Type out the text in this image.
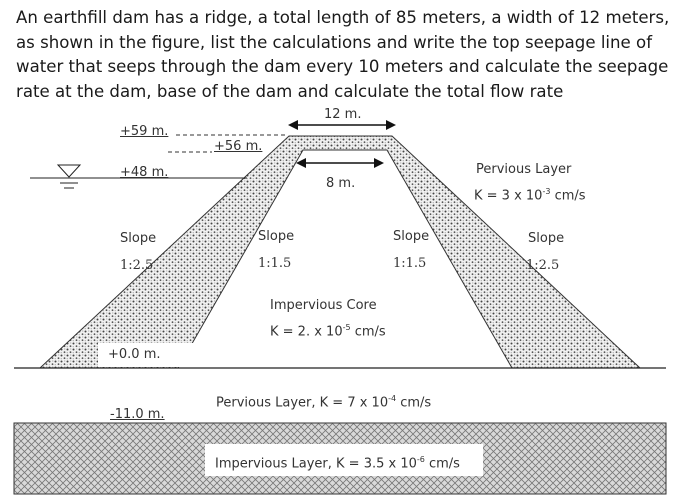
An earthfill dam has a ridge, a total length of 85 meters, a width of 12 meters, as shown in the figure, list the calculations and write the top seepage line of water that seeps through the dam every 10 meters and calculate the seepage rate at the dam, base of the dam and calculate the total flow rate
12 m.
8 m.
+59 m.
+56 m.
+48 m.	Pervious Layer
K = 3 x $10^{-3}$ cm/s
Slope
1:2.5
Slope
1:1.5
Slope
1:1.5
Slope
1:2.5
Impervious Core
K = 2. x $10^{-5}$ cm/s
+0.0 m.
Pervious Layer, K = 7 x $10^{-4}$ cm/s
-11.0 m.
Impervious Layer, K = 3.5 x $10^{-6}$ cm/s
